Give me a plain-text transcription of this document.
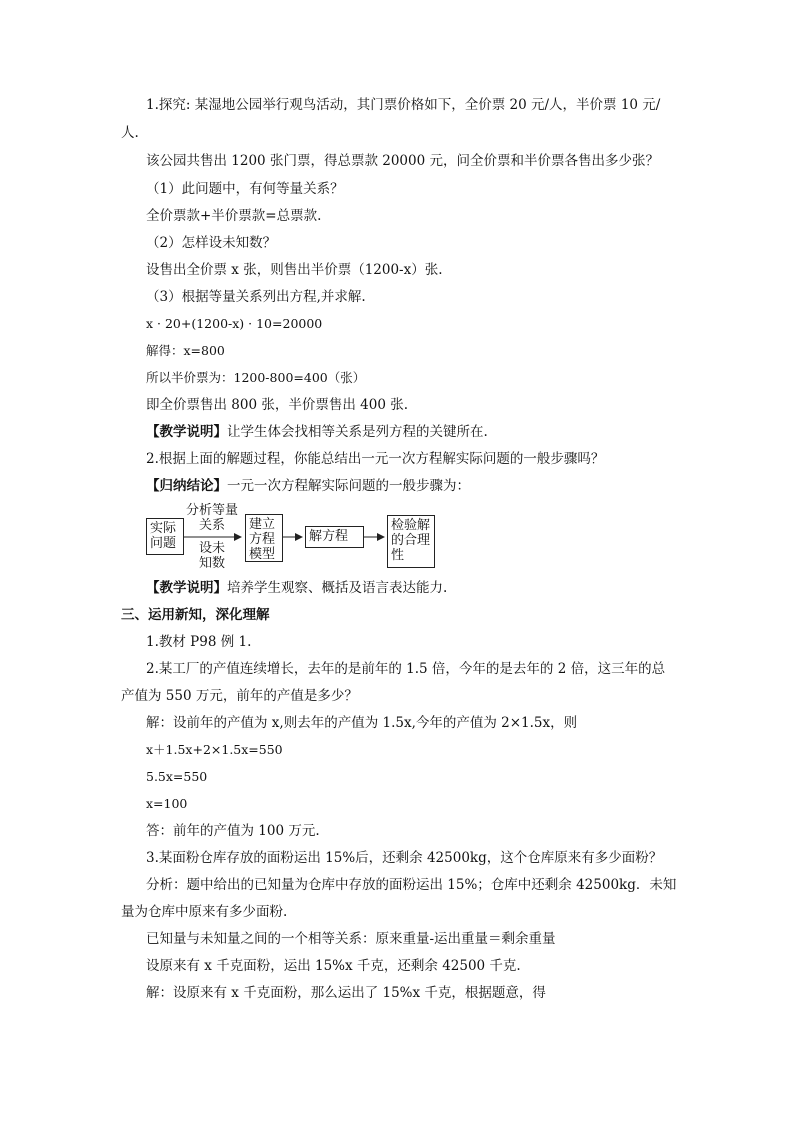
1.探究: 某湿地公园举行观鸟活动，其门票价格如下，全价票 20 元/人，半价票 10 元/
人.
该公园共售出 1200 张门票，得总票款 20000 元，问全价票和半价票各售出多少张？
（1）此问题中，有何等量关系？
全价票款+半价票款=总票款.
（2）怎样设未知数？
设售出全价票 x 张，则售出半价票（1200-x）张.
（3）根据等量关系列出方程,并求解.
x · 20+(1200-x) · 10=20000
解得：x=800
所以半价票为：1200-800=400（张）
即全价票售出 800 张，半价票售出 400 张.
【教学说明】让学生体会找相等关系是列方程的关键所在.
2.根据上面的解题过程，你能总结出一元一次方程解实际问题的一般步骤吗？
【归纳结论】一元一次方程解实际问题的一般步骤为：
实际问题
分析等量关系
设未知数
建立方程模型
解方程
检验解的合理性
【教学说明】培养学生观察、概括及语言表达能力.
三、运用新知，深化理解
1.教材 P98 例 1.
2.某工厂的产值连续增长，去年的是前年的 1.5 倍，今年的是去年的 2 倍，这三年的总
产值为 550 万元，前年的产值是多少？
解：设前年的产值为 x,则去年的产值为 1.5x,今年的产值为 2×1.5x，则
x＋1.5x+2×1.5x=550
5.5x=550
x=100
答：前年的产值为 100 万元.
3.某面粉仓库存放的面粉运出 15%后，还剩余 42500kg，这个仓库原来有多少面粉？
分析：题中给出的已知量为仓库中存放的面粉运出 15%；仓库中还剩余 42500kg．未知
量为仓库中原来有多少面粉.
已知量与未知量之间的一个相等关系：原来重量-运出重量＝剩余重量
设原来有 x 千克面粉，运出 15%x 千克，还剩余 42500 千克.
解：设原来有 x 千克面粉，那么运出了 15%x 千克，根据题意，得
